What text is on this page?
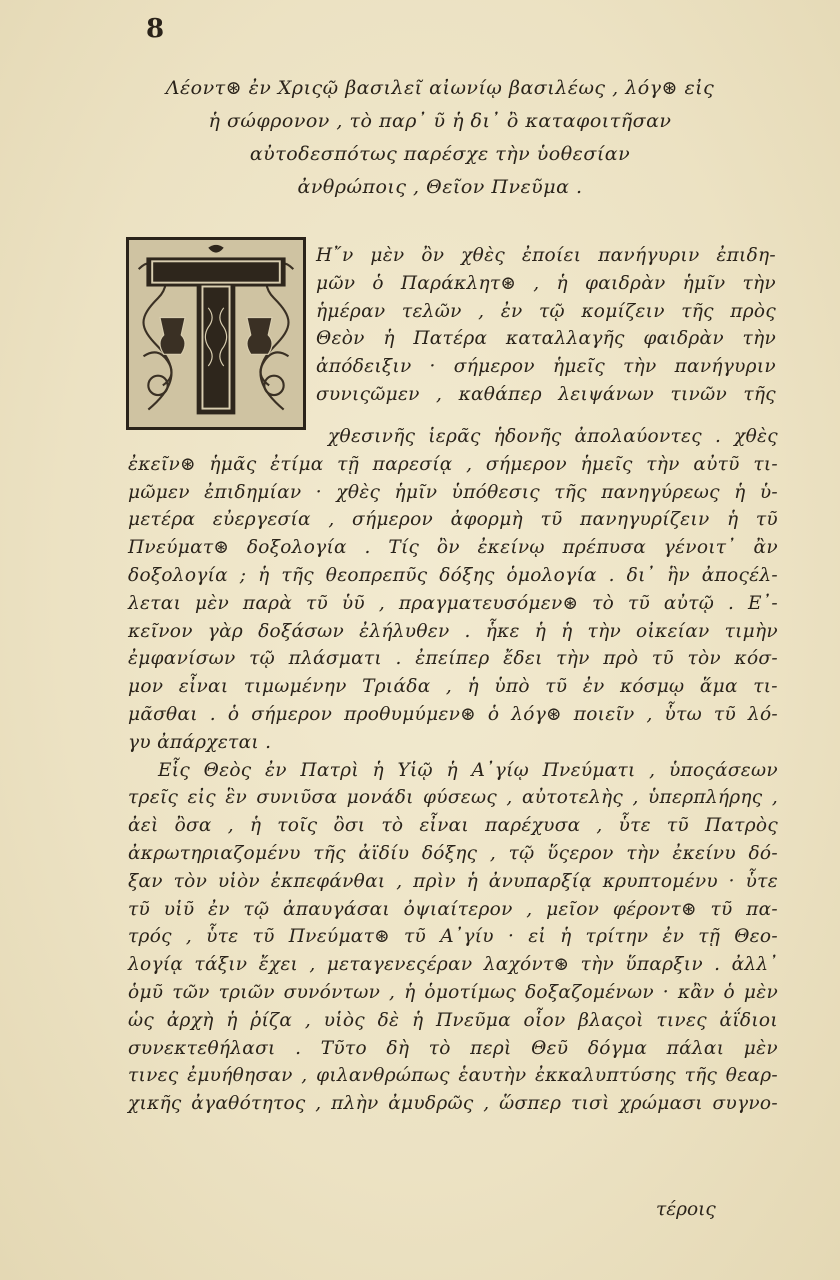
8
Λέοντ⊛ ἐν Χριςῷ βασιλεῖ αἰωνίῳ βασιλέως , λόγ⊛ εἰς
ἡ σώφρονον , τὸ παρ᾽ ῦ ἡ δι᾽ ὂ καταφοιτῆσαν
αὐτοδεσπότως παρέσχε τὴν ὑοθεσίαν
ἀνθρώποις , Θεῖον Πνεῦμα .
Η῎ν μὲν ὂν χθὲς ἐποίει πανήγυριν ἐπιδη-
μῶν ὁ Παράκλητ⊛ , ἡ φαιδρὰν ἡμῖν τὴν
ἡμέραν τελῶν , ἐν τῷ κομίζειν τῆς πρὸς
Θεὸν ἡ Πατέρα καταλλαγῆς φαιδρὰν τὴν
ἀπόδειξιν · σήμερον ἡμεῖς τὴν πανήγυριν
συνιςῶμεν , καθάπερ λειψάνων τινῶν τῆς
χθεσινῆς ἱερᾶς ἡδονῆς ἀπολαύοντες . χθὲς
ἐκεῖν⊛ ἡμᾶς ἐτίμα τῇ παρεσίᾳ , σήμερον ἡμεῖς τὴν αὐτῦ τι-
μῶμεν ἐπιδημίαν · χθὲς ἡμῖν ὑπόθεσις τῆς πανηγύρεως ἡ ὑ-
μετέρα εὐεργεσία , σήμερον ἀφορμὴ τῦ πανηγυρίζειν ἡ τῦ
Πνεύματ⊛ δοξολογία . Τίς ὂν ἐκείνῳ πρέπυσα γένοιτ᾽ ἂν
δοξολογία ; ἡ τῆς θεοπρεπῦς δόξης ὁμολογία . δι᾽ ἣν ἀποςέλ-
λεται μὲν παρὰ τῦ ὑῦ , πραγματευσόμεν⊛ τὸ τῦ αὐτῷ . Ε᾽-
κεῖνον γὰρ δοξάσων ἐλήλυθεν . ἧκε ἡ ἡ τὴν οἰκείαν τιμὴν
ἐμφανίσων τῷ πλάσματι . ἐπείπερ ἔδει τὴν πρὸ τῦ τὸν κόσ-
μον εἶναι τιμωμένην Τριάδα , ἡ ὑπὸ τῦ ἐν κόσμῳ ἅμα τι-
μᾶσθαι . ὁ σήμερον προθυμύμεν⊛ ὁ λόγ⊛ ποιεῖν , ὗτω τῦ λό-
γυ ἀπάρχεται .
Εἷς Θεὸς ἐν Πατρὶ ἡ Υἱῷ ἡ Α᾽γίῳ Πνεύματι , ὑποςάσεων
τρεῖς εἰς ἓν συνιῦσα μονάδι φύσεως , αὐτοτελὴς , ὑπερπλήρης ,
ἀεὶ ὂσα , ἡ τοῖς ὂσι τὸ εἶναι παρέχυσα , ὗτε τῦ Πατρὸς
ἀκρωτηριαζομένυ τῆς ἀϊδίυ δόξης , τῷ ὕςερον τὴν ἐκείνυ δό-
ξαν τὸν υἱὸν ἐκπεφάνθαι , πρὶν ἡ ἀνυπαρξίᾳ κρυπτομένυ · ὗτε
τῦ υἱῦ ἐν τῷ ἀπαυγάσαι ὀψιαίτερον , μεῖον φέροντ⊛ τῦ πα-
τρός , ὗτε τῦ Πνεύματ⊛ τῦ Α᾽γίυ · εἰ ἡ τρίτην ἐν τῇ Θεο-
λογίᾳ τάξιν ἔχει , μεταγενεςέραν λαχόντ⊛ τὴν ὕπαρξιν . ἀλλ᾽
ὁμῦ τῶν τριῶν συνόντων , ἡ ὁμοτίμως δοξαζομένων · κἂν ὁ μὲν
ὡς ἀρχὴ ἡ ῥίζα , υἱὸς δὲ ἡ Πνεῦμα οἷον βλαςοὶ τινες ἀΐδιοι
συνεκτεθήλασι . Τῦτο δὴ τὸ περὶ Θεῦ δόγμα πάλαι μὲν
τινες ἐμυήθησαν , φιλανθρώπως ἑαυτὴν ἐκκαλυπτύσης τῆς θεαρ-
χικῆς ἀγαθότητος , πλὴν ἀμυδρῶς , ὥσπερ τισὶ χρώμασι συγνο-
τέροις
